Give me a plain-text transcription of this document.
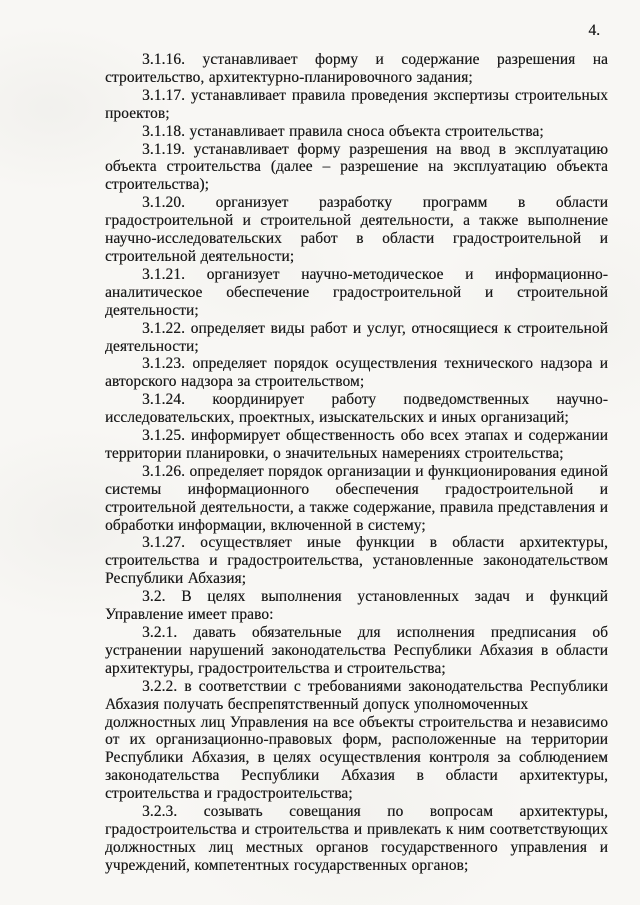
4.

3.1.16. устанавливает форму и содержание разрешения на строительство, архитектурно-планировочного задания;

3.1.17. устанавливает правила проведения экспертизы строительных проектов;

3.1.18. устанавливает правила сноса объекта строительства;

3.1.19. устанавливает форму разрешения на ввод в эксплуатацию объекта строительства (далее – разрешение на эксплуатацию объекта строительства);

3.1.20. организует разработку программ в области градостроительной и строительной деятельности, а также выполнение научно-исследовательских работ в области градостроительной и строительной деятельности;

3.1.21. организует научно-методическое и информационно-аналитическое обеспечение градостроительной и строительной деятельности;

3.1.22. определяет виды работ и услуг, относящиеся к строительной деятельности;

3.1.23. определяет порядок осуществления технического надзора и авторского надзора за строительством;

3.1.24. координирует работу подведомственных научно-исследовательских, проектных, изыскательских и иных организаций;

3.1.25. информирует общественность обо всех этапах и содержании территории планировки, о значительных намерениях строительства;

3.1.26. определяет порядок организации и функционирования единой системы информационного обеспечения градостроительной и строительной деятельности, а также содержание, правила представления и обработки информации, включенной в систему;

3.1.27. осуществляет иные функции в области архитектуры, строительства и градостроительства, установленные законодательством Республики Абхазия;

3.2. В целях выполнения установленных задач и функций Управление имеет право:

3.2.1. давать обязательные для исполнения предписания об устранении нарушений законодательства Республики Абхазия в области архитектуры, градостроительства и строительства;

3.2.2. в соответствии с требованиями законодательства Республики Абхазия получать беспрепятственный допуск уполномоченных

должностных лиц Управления на все объекты строительства и независимо от их организационно-правовых форм, расположенные на территории Республики Абхазия, в целях осуществления контроля за соблюдением законодательства Республики Абхазия в области архитектуры, строительства и градостроительства;

3.2.3. созывать совещания по вопросам архитектуры, градостроительства и строительства и привлекать к ним соответствующих должностных лиц местных органов государственного управления и учреждений, компетентных государственных органов;
